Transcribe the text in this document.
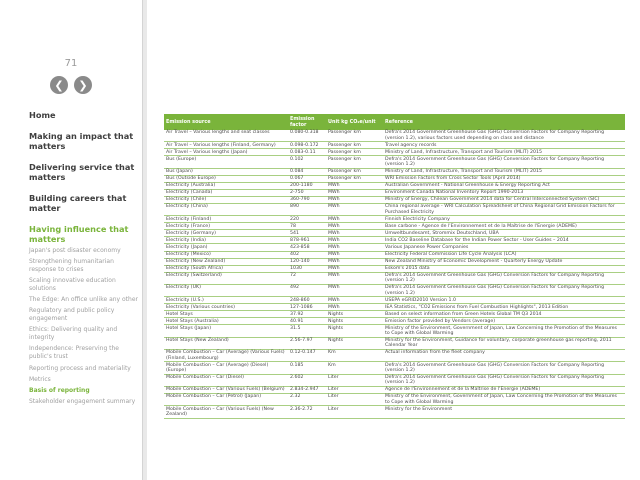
71
❮ ❯
Home
Making an impact that matters
Delivering service that matters
Building careers that matter
Having influence that matters
Japan's post disaster economy
Strengthening humanitarian response to crises
Scaling innovative education solutions
The Edge: An office unlike any other
Regulatory and public policy engagement
Ethics: Delivering quality and integrity
Independence: Preserving the public's trust
Reporting process and materiality
Metrics
Basis of reporting
Stakeholder engagement summary
Emission source	Emission factor	Unit kg CO₂e/unit	Reference
Air Travel – Various lengths and seat classes	0.080-0.318	Passenger km	Defra's 2014 Government Greenhouse Gas (GHG) Conversion Factors for Company Reporting (version 1.2), various factors used depending on class and distance
Air Travel – Various lengths (Finland, Germany)	0.098-0.172	Passenger km	Travel agency records
Air Travel – Various lengths (Japan)	0.083-0.11	Passenger km	Ministry of Land, Infrastructure, Transport and Tourism (MLIT) 2015
Bus (Europe)	0.102	Passenger km	Defra's 2014 Government Greenhouse Gas (GHG) Conversion Factors for Company Reporting (version 1.2)
Bus (Japan)	0.084	Passenger km	Ministry of Land, Infrastructure, Transport and Tourism (MLIT) 2015
Bus (Outside Europe)	0.067	Passenger km	WRI Emission Factors from Cross Sector Tools (April 2014)
Electricity (Australia)	200-1180	MWh	Australian Government - National Greenhouse & Energy Reporting Act
Electricity (Canada)	2-750	MWh	Environment Canada National Inventory Report 1990-2013
Electricity (Chile)	360-790	MWh	Ministry of Energy, Chilean Government 2014 data for Central Interconnected System (SIC)
Electricity (China)	890	MWh	China regional average - WRI Calculation Spreadsheet of China Regional Grid Emission Factors for Purchased Electricity
Electricity (Finland)	220	MWh	Finnish Electricity Company
Electricity (France)	78	MWh	Base carbone - Agence de l'Environnement et de la Maîtrise de l'Energie (ADEME)
Electricity (Germany)	541	MWh	Umweltbundesamt, Strommix Deutschland, UBA
Electricity (India)	878-961	MWh	India CO2 Baseline Database for the Indian Power Sector - User Guides – 2014
Electricity (Japan)	423-858	MWh	Various Japanese Power Companies
Electricity (Mexico)	402	MWh	Electricity Federal Commission Life Cycle Analysis (LCA)
Electricity (New Zealand)	120-140	MWh	New Zealand Ministry of Economic Development - Quarterly Energy Update
Electricity (South Africa)	1030	MWh	Eskom's 2015 data
Electricity (Switzerland)	72	MWh	Defra's 2014 Government Greenhouse Gas (GHG) Conversion Factors for Company Reporting (version 1.2)
Electricity (UK)	492	MWh	Defra's 2014 Government Greenhouse Gas (GHG) Conversion Factors for Company Reporting (version 1.2)
Electricity (U.S.)	248-860	MWh	USEPA eGRID2010 Version 1.0
Electricity (Various countries)	127-1086	MWh	IEA Statistics, "CO2 Emissions from Fuel Combustion Highlights", 2013 Edition
Hotel Stays	37.92	Nights	Based on select information from Green Hotels Global TM Q3 2014
Hotel Stays (Australia)	40.91	Nights	Emission factor provided by Vendors (average)
Hotel Stays (Japan)	31.5	Nights	Ministry of the Environment, Government of Japan, Law Concerning the Promotion of the Measures to Cope with Global Warming
Hotel Stays (New Zealand)	2.56-7.97	Nights	Ministry for the Environment, Guidance for voluntary, corporate greenhouse gas reporting, 2011 Calendar Year
Mobile Combustion – Car (Average) (Various Fuels) (Finland, Luxembourg)	0.12-0.147	Km	Actual information from the fleet company
Mobile Combustion – Car (Average) (Diesel) (Europe)	0.185	Km	Defra's 2014 Government Greenhouse Gas (GHG) Conversion Factors for Company Reporting (version 1.2)
Mobile Combustion – Car (Diesel)	2.602	Liter	Defra's 2014 Government Greenhouse Gas (GHG) Conversion Factors for Company Reporting (version 1.2)
Mobile Combustion – Car (Various Fuels) (Belgium)	2.834-2.947	Liter	Agence de l'Environnement et de la Maîtrise de l'Energie (ADEME)
Mobile Combustion – Car (Petrol) (Japan)	2.32	Liter	Ministry of the Environment, Government of Japan, Law Concerning the Promotion of the Measures to Cope with Global Warming
Mobile Combustion – Car (Various Fuels) (New Zealand)	2.36-2.72	Liter	Ministry for the Environment
